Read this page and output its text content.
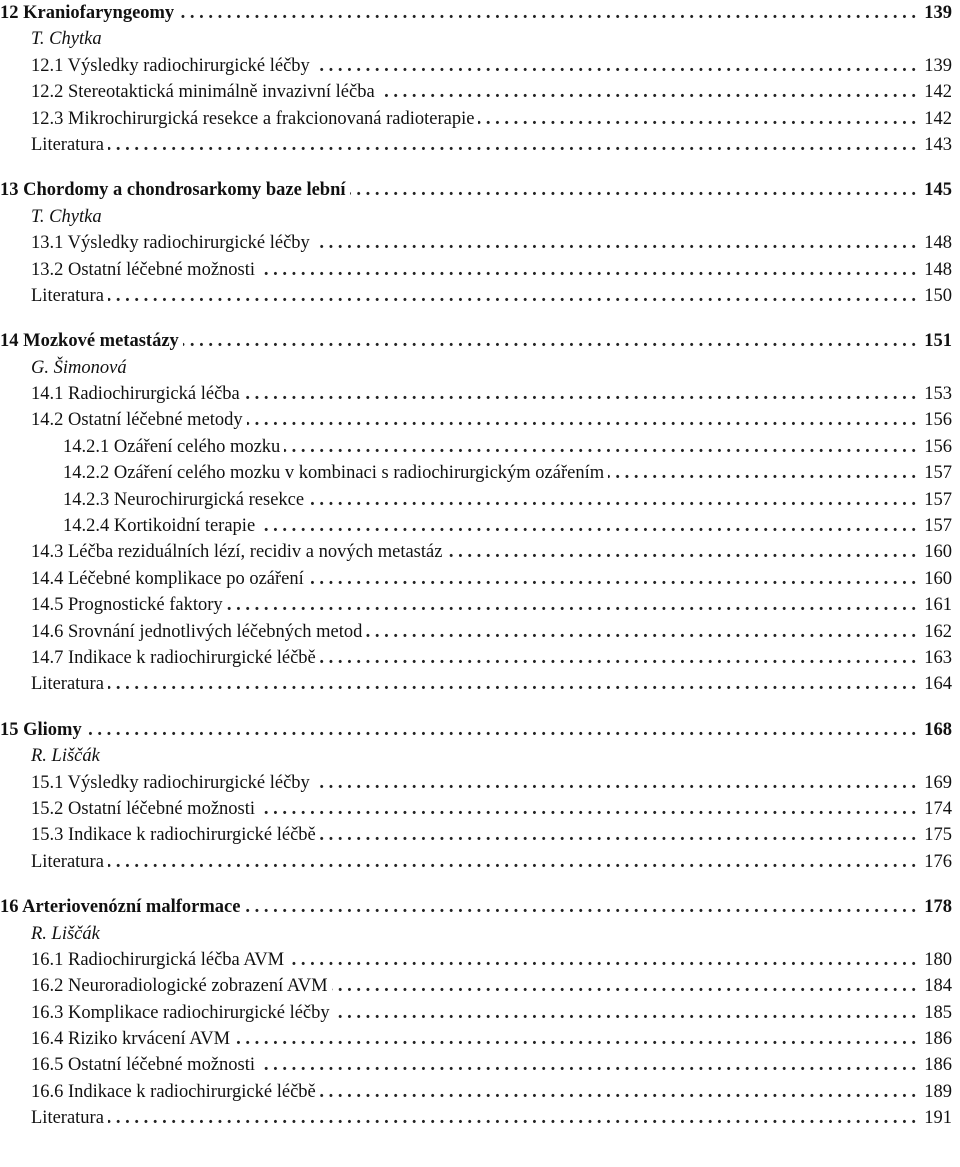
12 Kraniofaryngeomy . . .	139
T. Chytka
12.1 Výsledky radiochirurgické léčby . . .	139
12.2 Stereotaktická minimálně invazivní léčba . . .	142
12.3 Mikrochirurgická resekce a frakcionovaná radioterapie . . .	142
Literatura . . .	143
13 Chordomy a chondrosarkomy baze lební . . .	145
T. Chytka
13.1 Výsledky radiochirurgické léčby . . .	148
13.2 Ostatní léčebné možnosti . . .	148
Literatura . . .	150
14 Mozkové metastázy . . .	151
G. Šimonová
14.1 Radiochirurgická léčba . . .	153
14.2 Ostatní léčebné metody . . .	156
14.2.1 Ozáření celého mozku . . .	156
14.2.2 Ozáření celého mozku v kombinaci s radiochirurgickým ozářením . . .	157
14.2.3 Neurochirurgická resekce . . .	157
14.2.4 Kortikoidní terapie . . .	157
14.3 Léčba reziduálních lézí, recidiv a nových metastáz . . .	160
14.4 Léčebné komplikace po ozáření . . .	160
14.5 Prognostické faktory . . .	161
14.6 Srovnání jednotlivých léčebných metod . . .	162
14.7 Indikace k radiochirurgické léčbě . . .	163
Literatura . . .	164
15 Gliomy . . .	168
R. Liščák
15.1 Výsledky radiochirurgické léčby . . .	169
15.2 Ostatní léčebné možnosti . . .	174
15.3 Indikace k radiochirurgické léčbě . . .	175
Literatura . . .	176
16 Arteriovenózní malformace . . .	178
R. Liščák
16.1 Radiochirurgická léčba AVM . . .	180
16.2 Neuroradiologické zobrazení AVM . . .	184
16.3 Komplikace radiochirurgické léčby . . .	185
16.4 Riziko krvácení AVM . . .	186
16.5 Ostatní léčebné možnosti . . .	186
16.6 Indikace k radiochirurgické léčbě . . .	189
Literatura . . .	191
